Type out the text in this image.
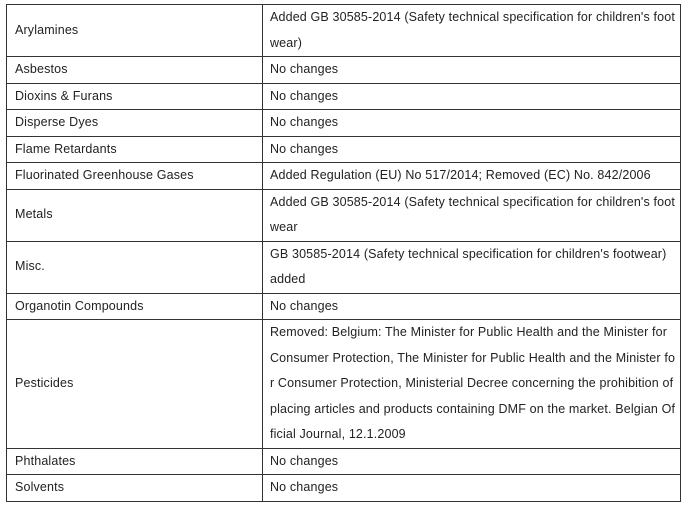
Arylamines	Added GB 30585-2014 (Safety technical specification for children's footwear)
Asbestos	No changes
Dioxins & Furans	No changes
Disperse Dyes	No changes
Flame Retardants	No changes
Fluorinated Greenhouse Gases	Added Regulation (EU) No 517/2014; Removed (EC) No. 842/2006
Metals	Added GB 30585-2014 (Safety technical specification for children's footwear
Misc.	GB 30585-2014 (Safety technical specification for children's footwear) added
Organotin Compounds	No changes
Pesticides	Removed: Belgium: The Minister for Public Health and the Minister for Consumer Protection, The Minister for Public Health and the Minister for Consumer Protection, Ministerial Decree concerning the prohibition of placing articles and products containing DMF on the market. Belgian Official Journal, 12.1.2009
Phthalates	No changes
Solvents	No changes
